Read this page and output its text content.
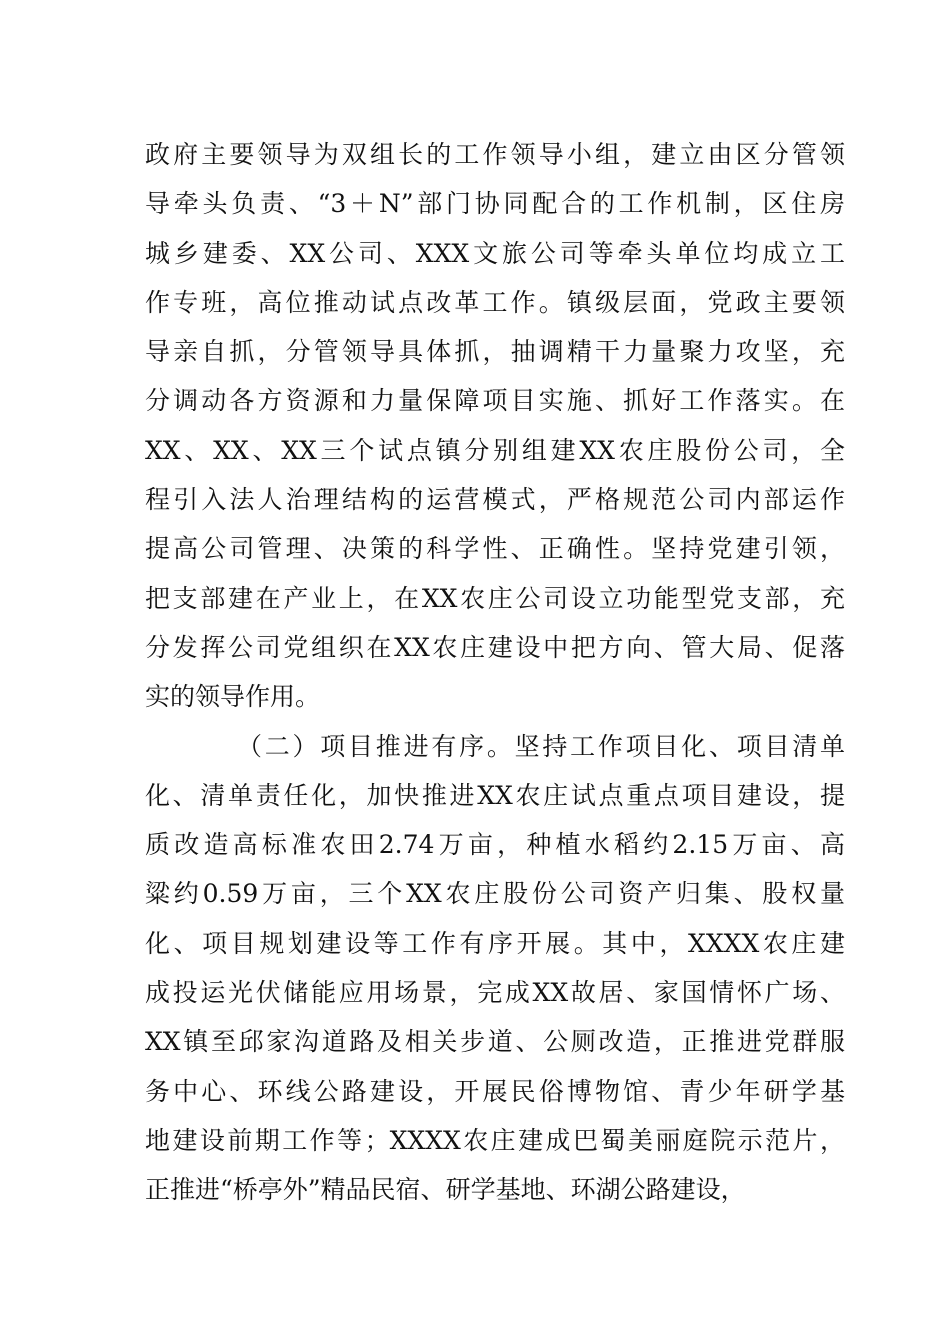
政府主要领导为双组长的工作领导小组，建立由区分管领
导牵头负责、“3＋N”部门协同配合的工作机制，区住房
城乡建委、XX公司、XXX文旅公司等牵头单位均成立工
作专班，高位推动试点改革工作。镇级层面，党政主要领
导亲自抓，分管领导具体抓，抽调精干力量聚力攻坚，充
分调动各方资源和力量保障项目实施、抓好工作落实。在
XX、XX、XX三个试点镇分别组建XX农庄股份公司，全
程引入法人治理结构的运营模式，严格规范公司内部运作
提高公司管理、决策的科学性、正确性。坚持党建引领，
把支部建在产业上，在XX农庄公司设立功能型党支部，充
分发挥公司党组织在XX农庄建设中把方向、管大局、促落
实的领导作用。
（二）项目推进有序。坚持工作项目化、项目清单
化、清单责任化，加快推进XX农庄试点重点项目建设，提
质改造高标准农田2.74万亩，种植水稻约2.15万亩、高
粱约0.59万亩，三个XX农庄股份公司资产归集、股权量
化、项目规划建设等工作有序开展。其中，XXXX农庄建
成投运光伏储能应用场景，完成XX故居、家国情怀广场、
XX镇至邱家沟道路及相关步道、公厕改造，正推进党群服
务中心、环线公路建设，开展民俗博物馆、青少年研学基
地建设前期工作等；XXXX农庄建成巴蜀美丽庭院示范片，
正推进“桥亭外”精品民宿、研学基地、环湖公路建设，
